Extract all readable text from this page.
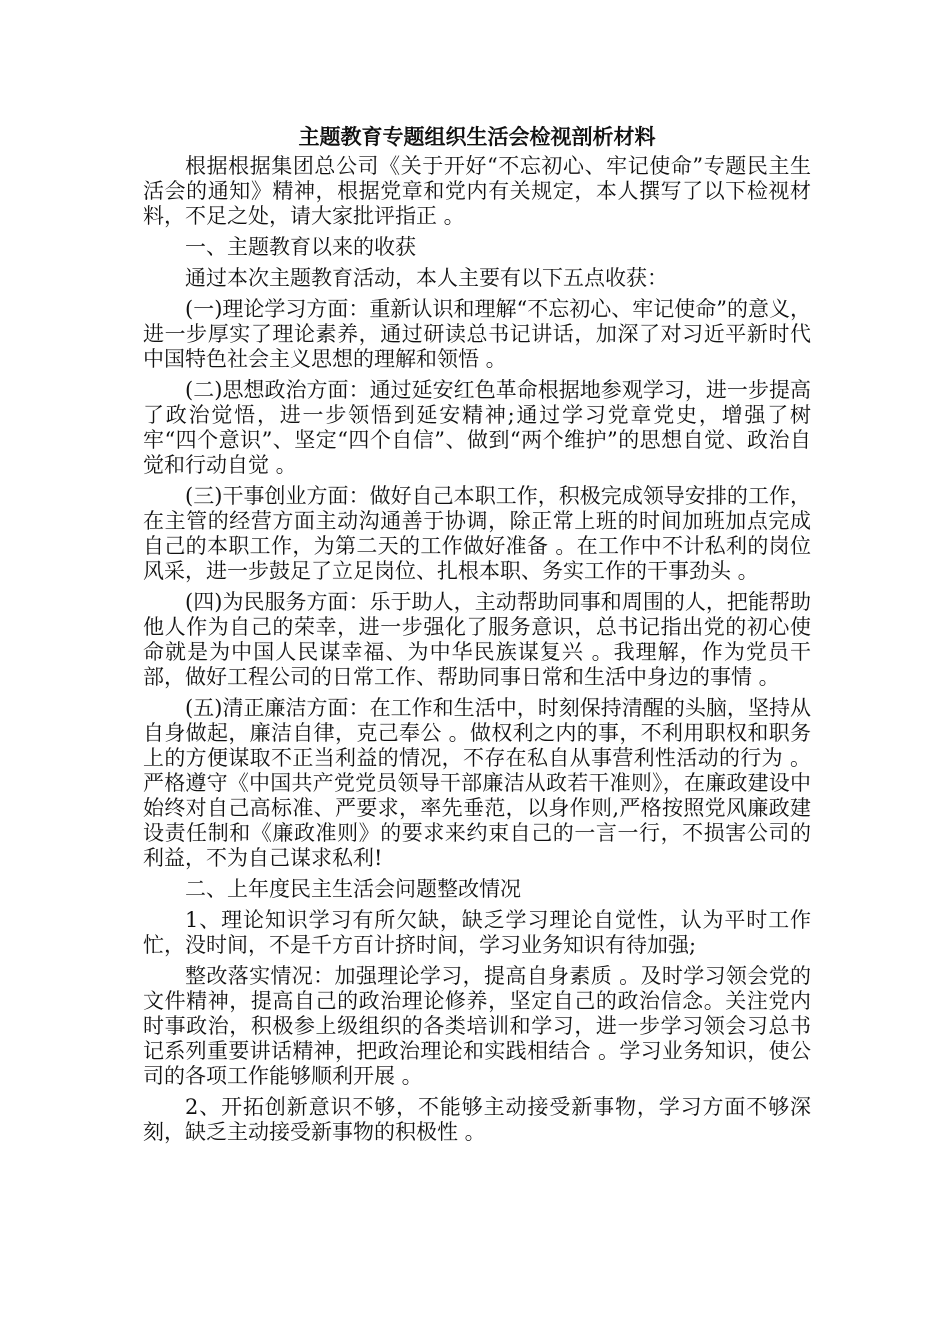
主题教育专题组织生活会检视剖析材料

根据根据集团总公司《关于开好“不忘初心、牢记使命”专题民主生活会的通知》精神，根据党章和党内有关规定，本人撰写了以下检视材料，不足之处，请大家批评指正 。

一、主题教育以来的收获

通过本次主题教育活动，本人主要有以下五点收获：

(一)理论学习方面：重新认识和理解“不忘初心、牢记使命”的意义，进一步厚实了理论素养，通过研读总书记讲话，加深了对习近平新时代中国特色社会主义思想的理解和领悟 。

(二)思想政治方面：通过延安红色革命根据地参观学习，进一步提高了政治觉悟，进一步领悟到延安精神;通过学习党章党史，增强了树牢“四个意识”、坚定“四个自信”、做到“两个维护”的思想自觉、政治自觉和行动自觉 。

(三)干事创业方面：做好自己本职工作，积极完成领导安排的工作，在主管的经营方面主动沟通善于协调，除正常上班的时间加班加点完成自己的本职工作，为第二天的工作做好准备 。在工作中不计私利的岗位风采，进一步鼓足了立足岗位、扎根本职、务实工作的干事劲头 。

(四)为民服务方面：乐于助人，主动帮助同事和周围的人，把能帮助他人作为自己的荣幸，进一步强化了服务意识，总书记指出党的初心使命就是为中国人民谋幸福、为中华民族谋复兴 。我理解，作为党员干部，做好工程公司的日常工作、帮助同事日常和生活中身边的事情 。

(五)清正廉洁方面：在工作和生活中，时刻保持清醒的头脑，坚持从自身做起，廉洁自律，克己奉公 。做权利之内的事，不利用职权和职务上的方便谋取不正当利益的情况，不存在私自从事营利性活动的行为 。严格遵守《中国共产党党员领导干部廉洁从政若干准则》，在廉政建设中始终对自己高标准、严要求，率先垂范，以身作则,严格按照党风廉政建设责任制和《廉政准则》的要求来约束自己的一言一行，不损害公司的利益，不为自己谋求私利!

二、上年度民主生活会问题整改情况

1、理论知识学习有所欠缺，缺乏学习理论自觉性，认为平时工作忙，没时间，不是千方百计挤时间，学习业务知识有待加强;

整改落实情况：加强理论学习，提高自身素质 。及时学习领会党的文件精神，提高自己的政治理论修养，坚定自己的政治信念。关注党内时事政治，积极参上级组织的各类培训和学习，进一步学习领会习总书记系列重要讲话精神，把政治理论和实践相结合 。学习业务知识，使公司的各项工作能够顺利开展 。

2、开拓创新意识不够，不能够主动接受新事物，学习方面不够深刻，缺乏主动接受新事物的积极性 。
